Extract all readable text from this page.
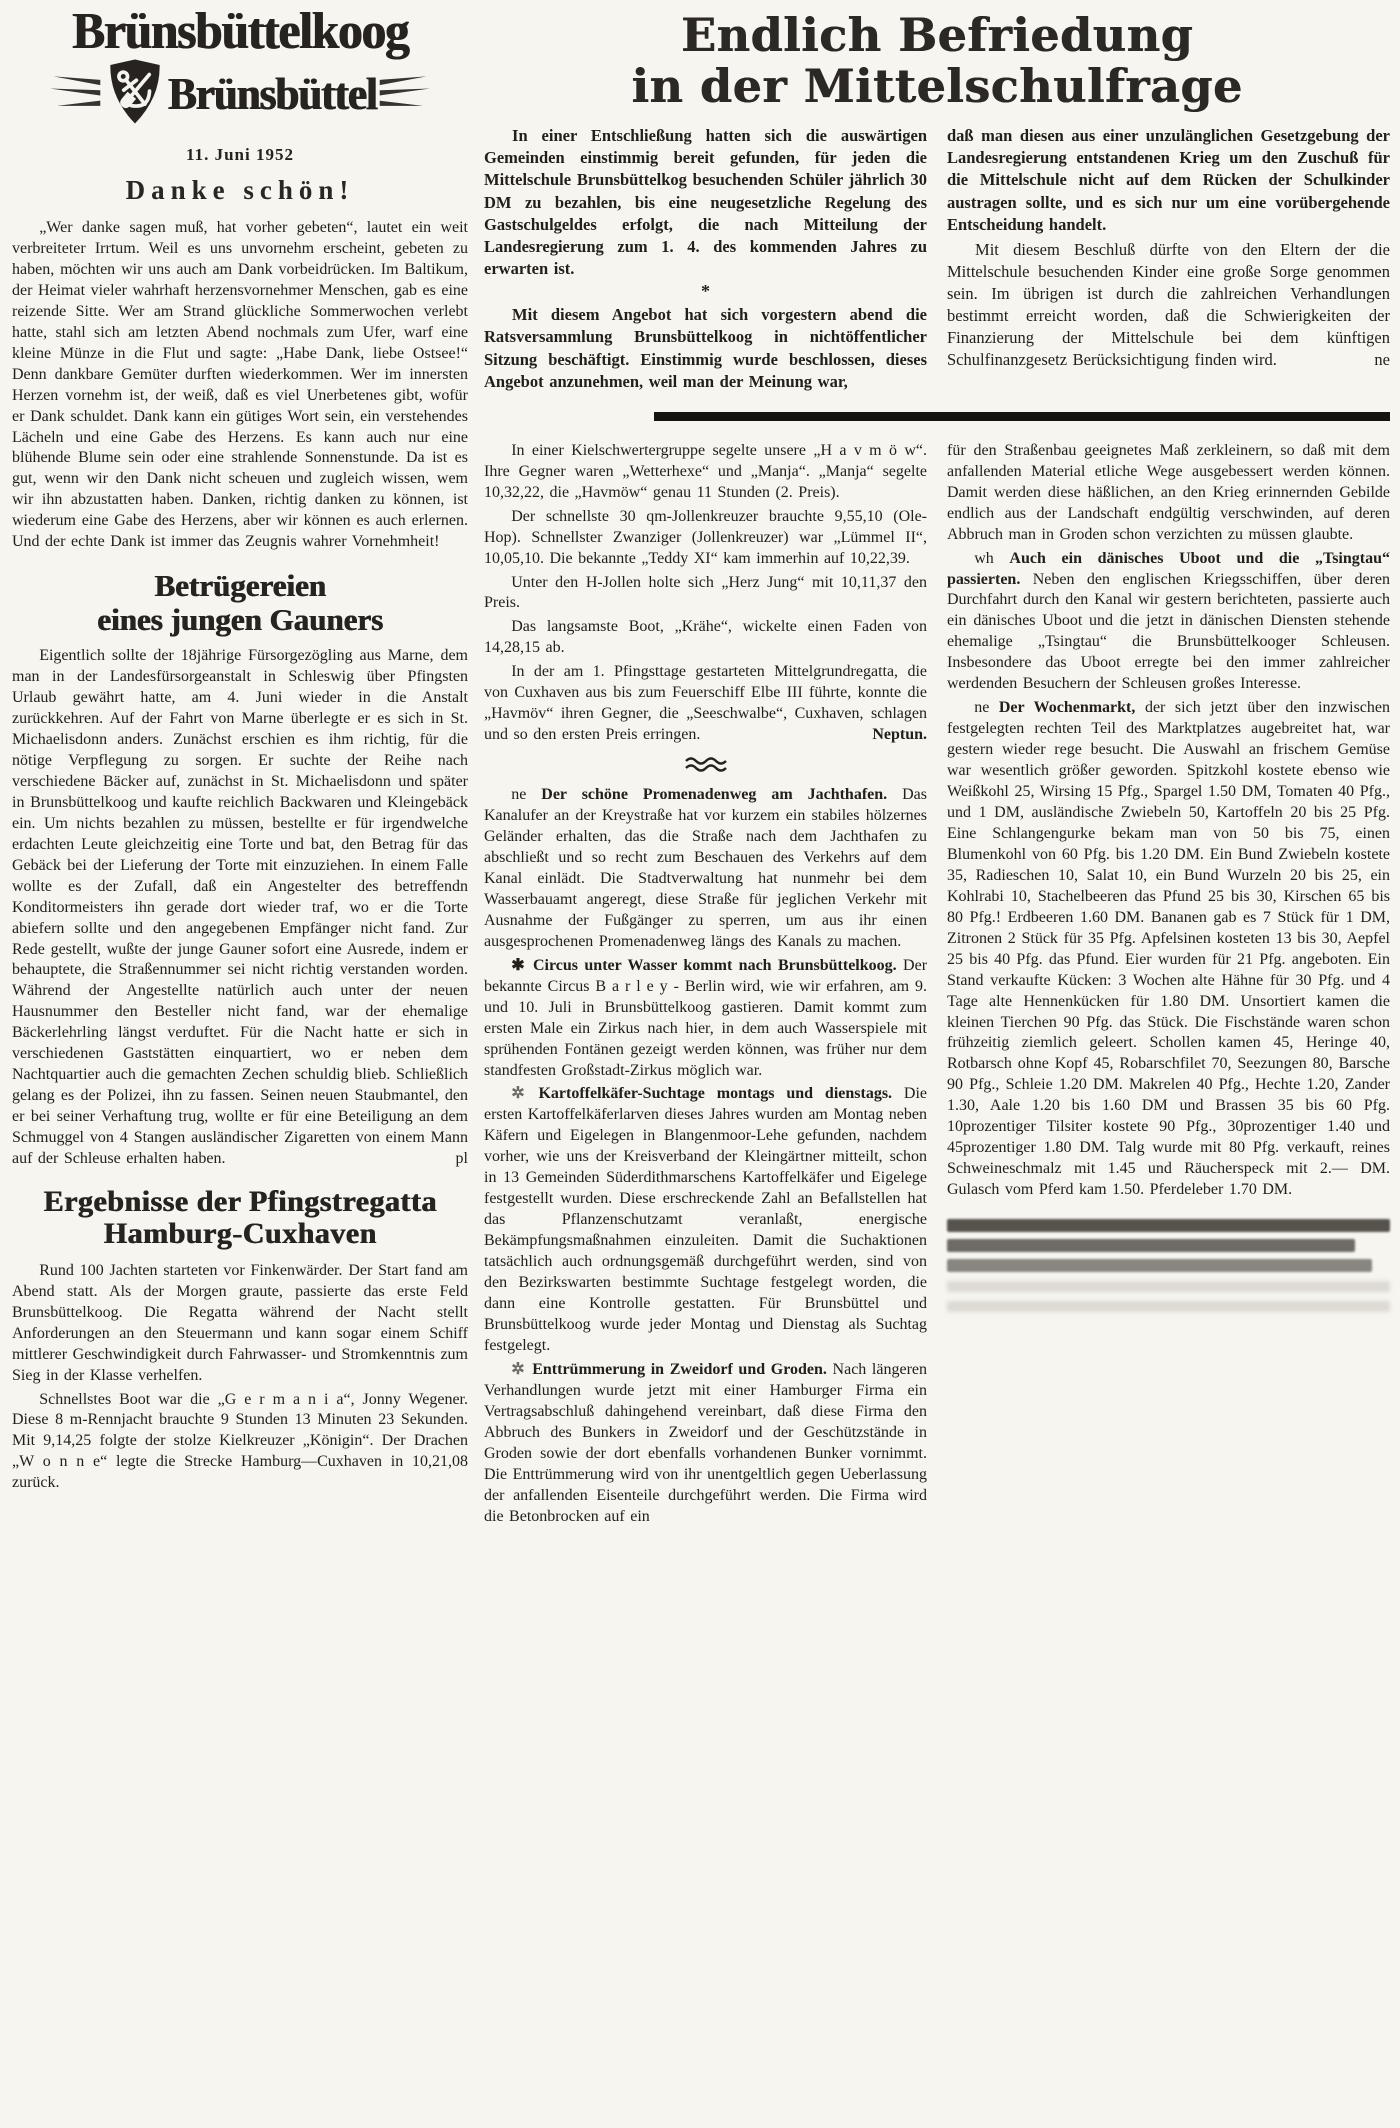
Brünsbüttelkoog
Brünsbüttel
11. Juni 1952
Danke schön!

„Wer danke sagen muß, hat vorher gebeten“, lautet ein weit verbreiteter Irrtum. Weil es uns unvornehm erscheint, gebeten zu haben, möchten wir uns auch am Dank vorbeidrücken. Im Baltikum, der Heimat vieler wahrhaft herzensvornehmer Menschen, gab es eine reizende Sitte. Wer am Strand glückliche Sommerwochen verlebt hatte, stahl sich am letzten Abend nochmals zum Ufer, warf eine kleine Münze in die Flut und sagte: „Habe Dank, liebe Ostsee!“ Denn dankbare Gemüter durften wiederkommen. Wer im innersten Herzen vornehm ist, der weiß, daß es viel Unerbetenes gibt, wofür er Dank schuldet. Dank kann ein gütiges Wort sein, ein verstehendes Lächeln und eine Gabe des Herzens. Es kann auch nur eine blühende Blume sein oder eine strahlende Sonnenstunde. Da ist es gut, wenn wir den Dank nicht scheuen und zugleich wissen, wem wir ihn abzustatten haben. Danken, richtig danken zu können, ist wiederum eine Gabe des Herzens, aber wir können es auch erlernen. Und der echte Dank ist immer das Zeugnis wahrer Vornehmheit!

Betrügereien
eines jungen Gauners

Eigentlich sollte der 18jährige Fürsorgezögling aus Marne, dem man in der Landesfürsorgeanstalt in Schleswig über Pfingsten Urlaub gewährt hatte, am 4. Juni wieder in die Anstalt zurückkehren. Auf der Fahrt von Marne überlegte er es sich in St. Michaelisdonn anders. Zunächst erschien es ihm richtig, für die nötige Verpflegung zu sorgen. Er suchte der Reihe nach verschiedene Bäcker auf, zunächst in St. Michaelisdonn und später in Brunsbüttelkoog und kaufte reichlich Backwaren und Kleingebäck ein. Um nichts bezahlen zu müssen, bestellte er für irgendwelche erdachten Leute gleichzeitig eine Torte und bat, den Betrag für das Gebäck bei der Lieferung der Torte mit einzuziehen. In einem Falle wollte es der Zufall, daß ein Angestelter des betreffendn Konditormeisters ihn gerade dort wieder traf, wo er die Torte abiefern sollte und den angegebenen Empfänger nicht fand. Zur Rede gestellt, wußte der junge Gauner sofort eine Ausrede, indem er behauptete, die Straßennummer sei nicht richtig verstanden worden. Während der Angestellte natürlich auch unter der neuen Hausnummer den Besteller nicht fand, war der ehemalige Bäckerlehrling längst verduftet. Für die Nacht hatte er sich in verschiedenen Gaststätten einquartiert, wo er neben dem Nachtquartier auch die gemachten Zechen schuldig blieb. Schließlich gelang es der Polizei, ihn zu fassen. Seinen neuen Staubmantel, den er bei seiner Verhaftung trug, wollte er für eine Beteiligung an dem Schmuggel von 4 Stangen ausländischer Zigaretten von einem Mann auf der Schleuse erhalten haben.	pl

Ergebnisse der Pfingstregatta
Hamburg-Cuxhaven

Rund 100 Jachten starteten vor Finkenwärder. Der Start fand am Abend statt. Als der Morgen graute, passierte das erste Feld Brunsbüttelkoog. Die Regatta während der Nacht stellt Anforderungen an den Steuermann und kann sogar einem Schiff mittlerer Geschwindigkeit durch Fahrwasser- und Stromkenntnis zum Sieg in der Klasse verhelfen.

Schnellstes Boot war die „G e r m a n i a“, Jonny Wegener. Diese 8 m-Rennjacht brauchte 9 Stunden 13 Minuten 23 Sekunden. Mit 9,14,25 folgte der stolze Kielkreuzer „Königin“. Der Drachen „W o n n e“ legte die Strecke Hamburg—Cuxhaven in 10,21,08 zurück.

Endlich Befriedung
in der Mittelschulfrage

In einer Entschließung hatten sich die auswärtigen Gemeinden einstimmig bereit gefunden, für jeden die Mittelschule Brunsbüttelkog besuchenden Schüler jährlich 30 DM zu bezahlen, bis eine neugesetzliche Regelung des Gastschulgeldes erfolgt, die nach Mitteilung der Landesregierung zum 1. 4. des kommenden Jahres zu erwarten ist.

*

Mit diesem Angebot hat sich vorgestern abend die Ratsversammlung Brunsbüttelkoog in nichtöffentlicher Sitzung beschäftigt. Einstimmig wurde beschlossen, dieses Angebot anzunehmen, weil man der Meinung war,

daß man diesen aus einer unzulänglichen Gesetzgebung der Landesregierung entstandenen Krieg um den Zuschuß für die Mittelschule nicht auf dem Rücken der Schulkinder austragen sollte, und es sich nur um eine vorübergehende Entscheidung handelt.

Mit diesem Beschluß dürfte von den Eltern der die Mittelschule besuchenden Kinder eine große Sorge genommen sein. Im übrigen ist durch die zahlreichen Verhandlungen bestimmt erreicht worden, daß die Schwierigkeiten der Finanzierung der Mittelschule bei dem künftigen Schulfinanzgesetz Berücksichtigung finden wird.	ne

In einer Kielschwertergruppe segelte unsere „H a v m ö w“. Ihre Gegner waren „Wetterhexe“ und „Manja“. „Manja“ segelte 10,32,22, die „Havmöw“ genau 11 Stunden (2. Preis).

Der schnellste 30 qm-Jollenkreuzer brauchte 9,55,10 (Ole-Hop). Schnellster Zwanziger (Jollenkreuzer) war „Lümmel II“, 10,05,10. Die bekannte „Teddy XI“ kam immerhin auf 10,22,39.

Unter den H-Jollen holte sich „Herz Jung“ mit 10,11,37 den Preis.

Das langsamste Boot, „Krähe“, wickelte einen Faden von 14,28,15 ab.

In der am 1. Pfingsttage gestarteten Mittelgrundregatta, die von Cuxhaven aus bis zum Feuerschiff Elbe III führte, konnte die „Havmöv“ ihren Gegner, die „Seeschwalbe“, Cuxhaven, schlagen und so den ersten Preis erringen.	Neptun.

ne Der schöne Promenadenweg am Jachthafen. Das Kanalufer an der Kreystraße hat vor kurzem ein stabiles hölzernes Geländer erhalten, das die Straße nach dem Jachthafen zu abschließt und so recht zum Beschauen des Verkehrs auf dem Kanal einlädt. Die Stadtverwaltung hat nunmehr bei dem Wasserbauamt angeregt, diese Straße für jeglichen Verkehr mit Ausnahme der Fußgänger zu sperren, um aus ihr einen ausgesprochenen Promenadenweg längs des Kanals zu machen.

✱ Circus unter Wasser kommt nach Brunsbüttelkoog. Der bekannte Circus B a r l e y - Berlin wird, wie wir erfahren, am 9. und 10. Juli in Brunsbüttelkoog gastieren. Damit kommt zum ersten Male ein Zirkus nach hier, in dem auch Wasserspiele mit sprühenden Fontänen gezeigt werden können, was früher nur dem standfesten Großstadt-Zirkus möglich war.

✲ Kartoffelkäfer-Suchtage montags und dienstags. Die ersten Kartoffelkäferlarven dieses Jahres wurden am Montag neben Käfern und Eigelegen in Blangenmoor-Lehe gefunden, nachdem vorher, wie uns der Kreisverband der Kleingärtner mitteilt, schon in 13 Gemeinden Süderdithmarschens Kartoffelkäfer und Eigelege festgestellt wurden. Diese erschreckende Zahl an Befallstellen hat das Pflanzenschutzamt veranlaßt, energische Bekämpfungsmaßnahmen einzuleiten. Damit die Suchaktionen tatsächlich auch ordnungsgemäß durchgeführt werden, sind von den Bezirkswarten bestimmte Suchtage festgelegt worden, die dann eine Kontrolle gestatten. Für Brunsbüttel und Brunsbüttelkoog wurde jeder Montag und Dienstag als Suchtag festgelegt.

✲ Enttrümmerung in Zweidorf und Groden. Nach längeren Verhandlungen wurde jetzt mit einer Hamburger Firma ein Vertragsabschluß dahingehend vereinbart, daß diese Firma den Abbruch des Bunkers in Zweidorf und der Geschützstände in Groden sowie der dort ebenfalls vorhandenen Bunker vornimmt. Die Enttrümmerung wird von ihr unentgeltlich gegen Ueberlassung der anfallenden Eisenteile durchgeführt werden. Die Firma wird die Betonbrocken auf ein

für den Straßenbau geeignetes Maß zerkleinern, so daß mit dem anfallenden Material etliche Wege ausgebessert werden können. Damit werden diese häßlichen, an den Krieg erinnernden Gebilde endlich aus der Landschaft endgültig verschwinden, auf deren Abbruch man in Groden schon verzichten zu müssen glaubte.

wh Auch ein dänisches Uboot und die „Tsingtau“ passierten. Neben den englischen Kriegsschiffen, über deren Durchfahrt durch den Kanal wir gestern berichteten, passierte auch ein dänisches Uboot und die jetzt in dänischen Diensten stehende ehemalige „Tsingtau“ die Brunsbüttelkooger Schleusen. Insbesondere das Uboot erregte bei den immer zahlreicher werdenden Besuchern der Schleusen großes Interesse.

ne Der Wochenmarkt, der sich jetzt über den inzwischen festgelegten rechten Teil des Marktplatzes augebreitet hat, war gestern wieder rege besucht. Die Auswahl an frischem Gemüse war wesentlich größer geworden. Spitzkohl kostete ebenso wie Weißkohl 25, Wirsing 15 Pfg., Spargel 1.50 DM, Tomaten 40 Pfg., und 1 DM, ausländische Zwiebeln 50, Kartoffeln 20 bis 25 Pfg. Eine Schlangengurke bekam man von 50 bis 75, einen Blumenkohl von 60 Pfg. bis 1.20 DM. Ein Bund Zwiebeln kostete 35, Radieschen 10, Salat 10, ein Bund Wurzeln 20 bis 25, ein Kohlrabi 10, Stachelbeeren das Pfund 25 bis 30, Kirschen 65 bis 80 Pfg.! Erdbeeren 1.60 DM. Bananen gab es 7 Stück für 1 DM, Zitronen 2 Stück für 35 Pfg. Apfelsinen kosteten 13 bis 30, Aepfel 25 bis 40 Pfg. das Pfund. Eier wurden für 21 Pfg. angeboten. Ein Stand verkaufte Kücken: 3 Wochen alte Hähne für 30 Pfg. und 4 Tage alte Hennenkücken für 1.80 DM. Unsortiert kamen die kleinen Tierchen 90 Pfg. das Stück. Die Fischstände waren schon frühzeitig ziemlich geleert. Schollen kamen 45, Heringe 40, Rotbarsch ohne Kopf 45, Robarschfilet 70, Seezungen 80, Barsche 90 Pfg., Schleie 1.20 DM. Makrelen 40 Pfg., Hechte 1.20, Zander 1.30, Aale 1.20 bis 1.60 DM und Brassen 35 bis 60 Pfg. 10prozentiger Tilsiter kostete 90 Pfg., 30prozentiger 1.40 und 45prozentiger 1.80 DM. Talg wurde mit 80 Pfg. verkauft, reines Schweineschmalz mit 1.45 und Räucherspeck mit 2.— DM. Gulasch vom Pferd kam 1.50. Pferdeleber 1.70 DM.
